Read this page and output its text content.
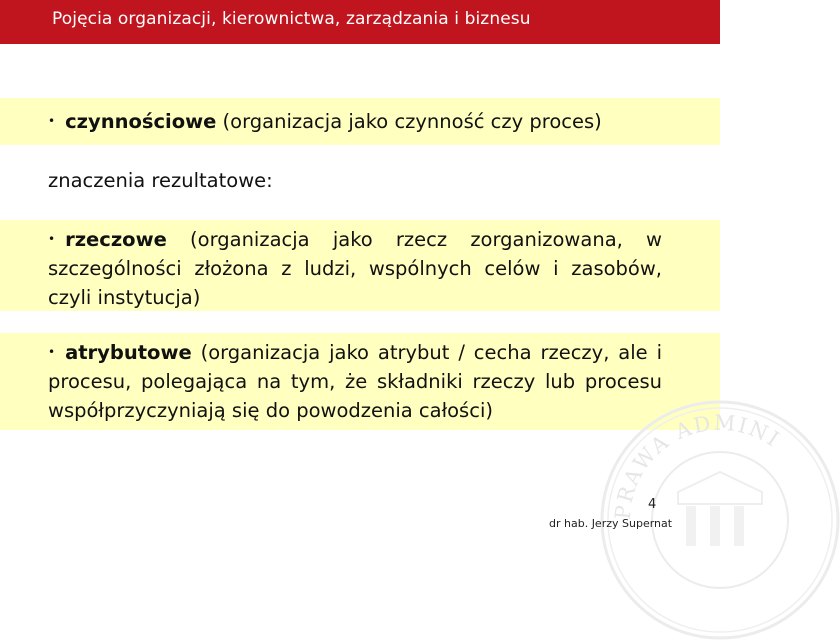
Pojęcia organizacji, kierownictwa, zarządzania i biznesu
PRAWA ADMINI
• czynnościowe (organizacja jako czynność czy proces)
znaczenia rezultatowe:
• rzeczowe (organizacja jako rzecz zorganizowana, w szczególności złożona z ludzi, wspólnych celów i zasobów, czyli instytucja)
• atrybutowe (organizacja jako atrybut / cecha rzeczy, ale i procesu, polegająca na tym, że składniki rzeczy lub procesu współprzyczyniają się do powodzenia całości)
4
dr hab. Jerzy Supernat
